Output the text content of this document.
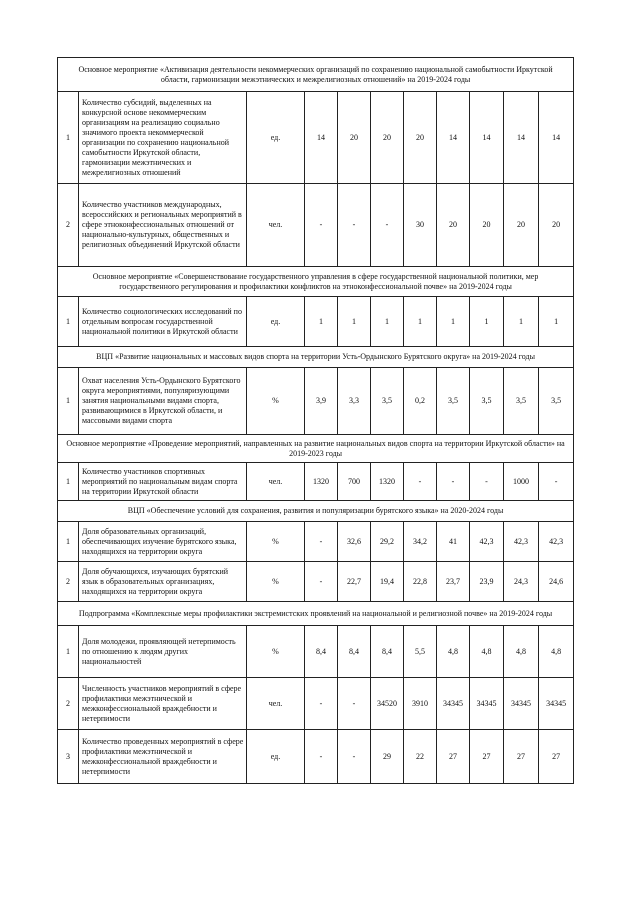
Основное мероприятие «Активизация деятельности некоммерческих организаций по сохранению национальной самобытности Иркутской области, гармонизации межэтнических и межрелигиозных отношений» на 2019-2024 годы										
1	Количество субсидий, выделенных на конкурсной основе некоммерческим организациям на реализацию социально значимого проекта некоммерческой организации по сохранению национальной самобытности Иркутской области, гармонизации межэтнических и межрелигиозных отношений	ед.	14	20	20	20	14	14	14	14
2	Количество участников международных, всероссийских и региональных мероприятий в сфере этноконфессиональных отношений от национально-культурных, общественных и религиозных объединений Иркутской области	чел.	-	-	-	30	20	20	20	20
Основное мероприятие «Совершенствование государственного управления в сфере государственной национальной политики, мер государственного регулирования и профилактики конфликтов на этноконфессиональной почве» на 2019-2024 годы										
1	Количество социологических исследований по отдельным вопросам государственной национальной политики в Иркутской области	ед.	1	1	1	1	1	1	1	1
ВЦП «Развитие национальных и массовых видов спорта на территории Усть-Ордынского Бурятского округа» на 2019-2024 годы										
1	Охват населения Усть-Ордынского Бурятского округа мероприятиями, популяризующими занятия национальными видами спорта, развивающимися в Иркутской области, и массовыми видами спорта	%	3,9	3,3	3,5	0,2	3,5	3,5	3,5	3,5
Основное мероприятие «Проведение мероприятий, направленных на развитие национальных видов спорта на территории Иркутской области» на 2019-2023 годы										
1	Количество участников спортивных мероприятий по национальным видам спорта на территории Иркутской области	чел.	1320	700	1320	-	-	-	1000	-
ВЦП «Обеспечение условий для сохранения, развития и популяризации бурятского языка» на 2020-2024 годы										
1	Доля образовательных организаций, обеспечивающих изучение бурятского языка, находящихся на территории округа	%	-	32,6	29,2	34,2	41	42,3	42,3	42,3
2	Доля обучающихся, изучающих бурятский язык в образовательных организациях, находящихся на территории округа	%	-	22,7	19,4	22,8	23,7	23,9	24,3	24,6
Подпрограмма «Комплексные меры профилактики экстремистских проявлений на национальной и религиозной почве» на 2019-2024 годы										
1	Доля молодежи, проявляющей нетерпимость по отношению к людям других национальностей	%	8,4	8,4	8,4	5,5	4,8	4,8	4,8	4,8
2	Численность участников мероприятий в сфере профилактики межэтнической и межконфессиональной враждебности и нетерпимости	чел.	-	-	34520	3910	34345	34345	34345	34345
3	Количество проведенных мероприятий в сфере профилактики межэтнической и межконфессиональной враждебности и нетерпимости	ед.	-	-	29	22	27	27	27	27
